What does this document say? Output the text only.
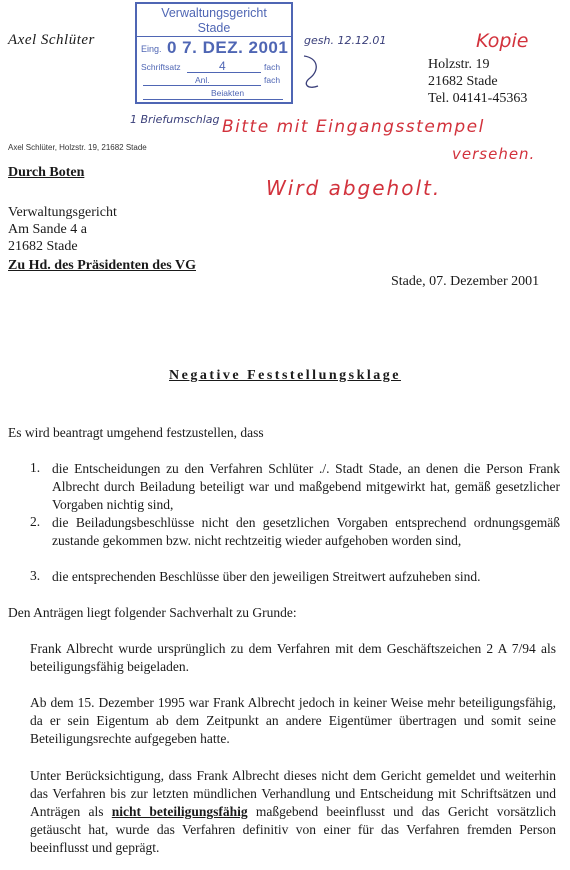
Axel Schlüter
Holzstr. 19
21682 Stade
Tel. 04141-45363
Verwaltungsgericht
Stade
Eing. 0 7. DEZ. 2001
Schriftsatz	4	fach
Anl.	fach
Beiakten
gesh. 12.12.01	Kopie
1 Briefumschlag Bitte mit Eingangsstempel
versehen.
Wird abgeholt.
Axel Schlüter, Holzstr. 19, 21682 Stade
Durch Boten
Verwaltungsgericht
Am Sande 4 a
21682 Stade
Zu Hd. des Präsidenten des VG
Stade, 07. Dezember 2001
Negative Feststellungsklage
Es wird beantragt umgehend festzustellen, dass
1. die Entscheidungen zu den Verfahren Schlüter ./. Stadt Stade, an denen die Person Frank Albrecht durch Beiladung beteiligt war und maßgebend mitgewirkt hat, gemäß gesetzlicher Vorgaben nichtig sind,
2. die Beiladungsbeschlüsse nicht den gesetzlichen Vorgaben entsprechend ordnungsgemäß zustande gekommen bzw. nicht rechtzeitig wieder aufgehoben worden sind,
3. die entsprechenden Beschlüsse über den jeweiligen Streitwert aufzuheben sind.
Den Anträgen liegt folgender Sachverhalt zu Grunde:
Frank Albrecht wurde ursprünglich zu dem Verfahren mit dem Geschäftszeichen 2 A 7/94 als beteiligungsfähig beigeladen.
Ab dem 15. Dezember 1995 war Frank Albrecht jedoch in keiner Weise mehr beteiligungsfähig, da er sein Eigentum ab dem Zeitpunkt an andere Eigentümer übertragen und somit seine Beteiligungsrechte aufgegeben hatte.
Unter Berücksichtigung, dass Frank Albrecht dieses nicht dem Gericht gemeldet und weiterhin das Verfahren bis zur letzten mündlichen Verhandlung und Entscheidung mit Schriftsätzen und Anträgen als nicht beteiligungsfähig maßgebend beeinflusst und das Gericht vorsätzlich getäuscht hat, wurde das Verfahren definitiv von einer für das Verfahren fremden Person beeinflusst und geprägt.
